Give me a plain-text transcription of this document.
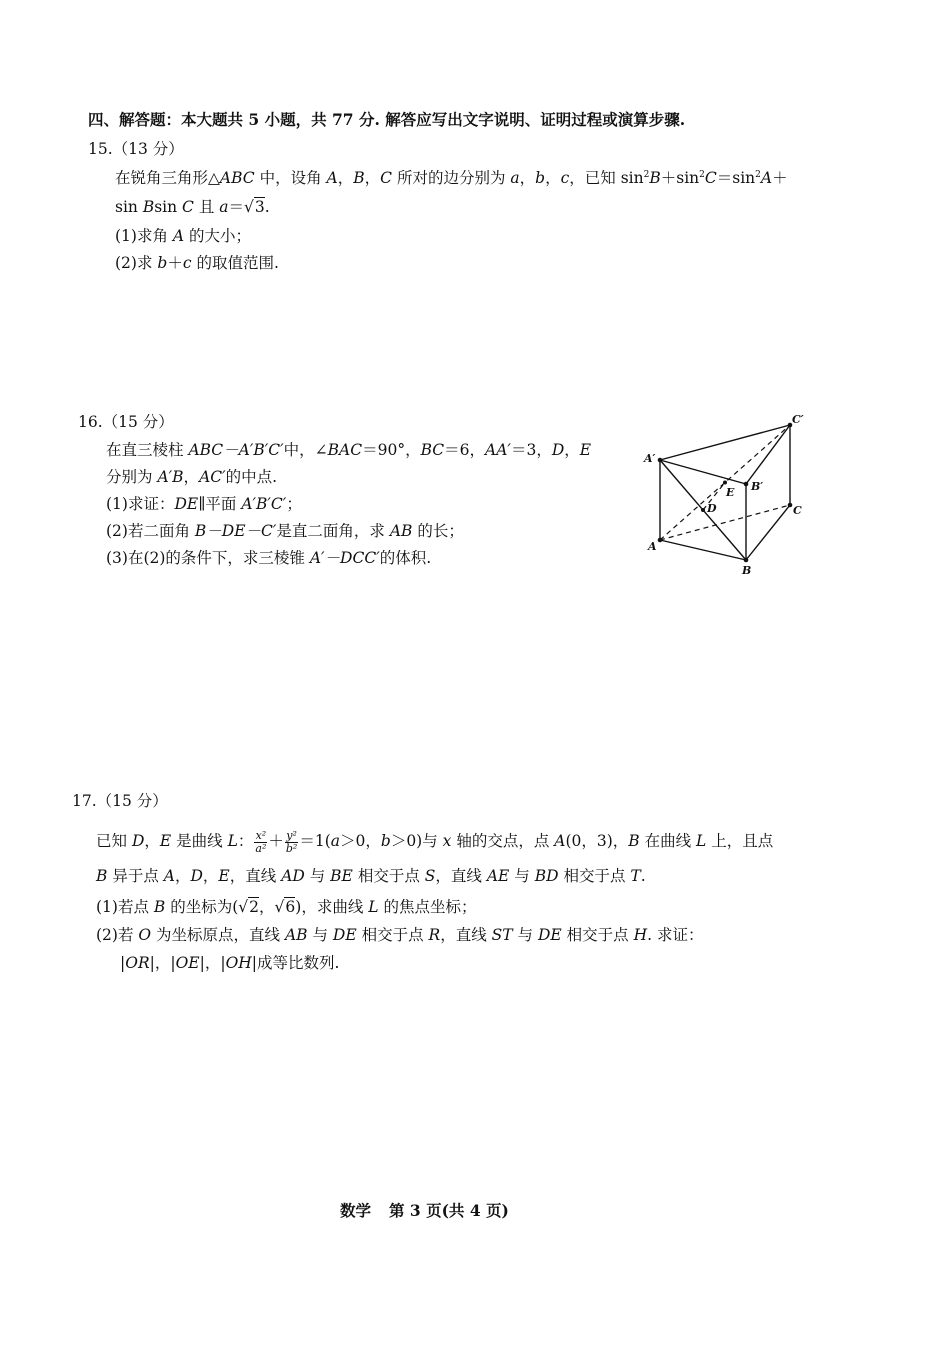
四、解答题：本大题共 5 小题，共 77 分. 解答应写出文字说明、证明过程或演算步骤.
15.（13 分）
在锐角三角形△ABC 中，设角 A，B，C 所对的边分别为 a，b，c，已知 $\sin^2B+\sin^2C=\sin^2A+$
sin Bsin C 且 a＝√3.
(1)求角 A 的大小；
(2)求 b＋c 的取值范围.
16.（15 分）
在直三棱柱 ABC－A′B′C′中，∠BAC＝90°，BC＝6，AA′＝3，D，E
分别为 A′B，AC′的中点.
(1)求证：DE∥平面 A′B′C′；
(2)若二面角 B－DE－C′是直二面角，求 AB 的长；
(3)在(2)的条件下，求三棱锥 A′－DCC′的体积.
A′
B′
C′
A
B
C
D
E
17.（15 分）
已知 D，E 是曲线 L： $\frac{\text{x²}}{\text{a²}} + \frac{\text{y²}}{\text{b²}} =1(a>0$，b＞0)与 x 轴的交点，点 A(0，3)，B 在曲线 L 上，且点
B 异于点 A，D，E，直线 AD 与 BE 相交于点 S，直线 AE 与 BD 相交于点 T.
(1)若点 B 的坐标为(√2，√6)，求曲线 L 的焦点坐标；
(2)若 O 为坐标原点，直线 AB 与 DE 相交于点 R，直线 ST 与 DE 相交于点 H. 求证：
|OR|，|OE|，|OH|成等比数列.
数学 第 3 页(共 4 页)
